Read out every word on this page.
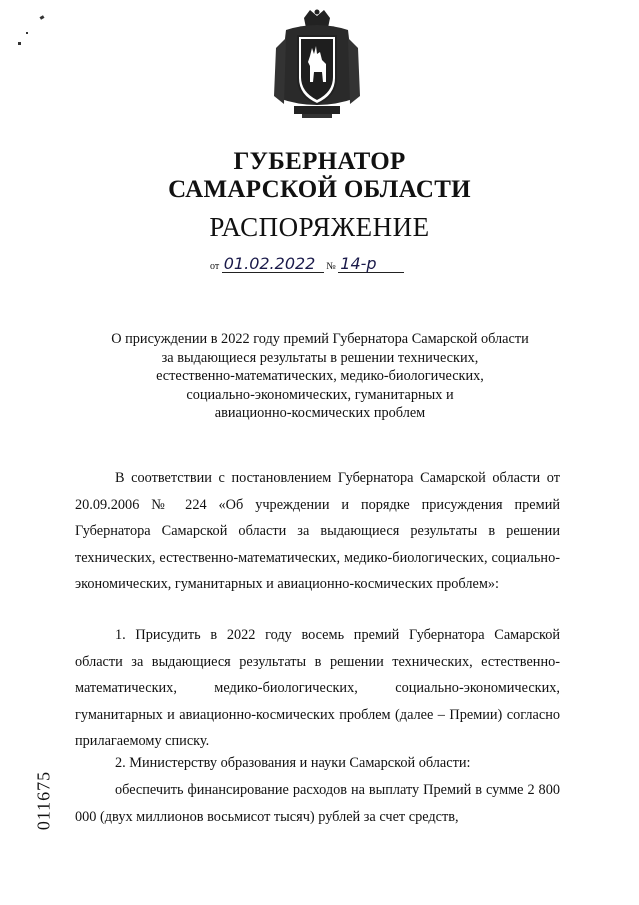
ГУБЕРНАТОР
САМАРСКОЙ ОБЛАСТИ
РАСПОРЯЖЕНИЕ
от 01.02.2022 № 14-р
О присуждении в 2022 году премий Губернатора Самарской области
за выдающиеся результаты в решении технических,
естественно-математических, медико-биологических,
социально-экономических, гуманитарных и
авиационно-космических проблем
В соответствии с постановлением Губернатора Самарской области от 20.09.2006 № 224 «Об учреждении и порядке присуждения премий Губернатора Самарской области за выдающиеся результаты в решении технических, естественно-математических, медико-биологических, социально-экономических, гуманитарных и авиационно-космических проблем»:
1. Присудить в 2022 году восемь премий Губернатора Самарской области за выдающиеся результаты в решении технических, естественно-математических, медико-биологических, социально-экономических, гуманитарных и авиационно-космических проблем (далее – Премии) согласно прилагаемому списку.
2. Министерству образования и науки Самарской области:
обеспечить финансирование расходов на выплату Премий в сумме 2 800 000 (двух миллионов восьмисот тысяч) рублей за счет средств,
011675
